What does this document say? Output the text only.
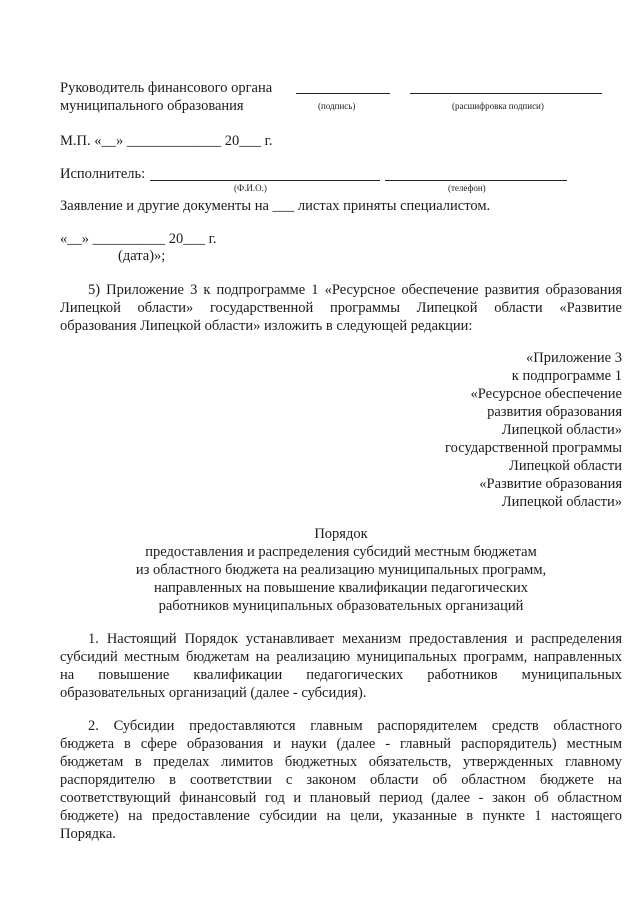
Руководитель финансового органа
муниципального образования	(подпись)	(расшифровка подписи)
М.П. «__» _____________ 20___ г.
Исполнитель:
(Ф.И.О.)	(телефон)
Заявление и другие документы на ___ листах приняты специалистом.
«__» __________ 20___ г.
(дата)»;
5) Приложение 3 к подпрограмме 1 «Ресурсное обеспечение развития образования
Липецкой области» государственной программы Липецкой области «Развитие
образования Липецкой области» изложить в следующей редакции:
«Приложение 3
к подпрограмме 1
«Ресурсное обеспечение
развития образования
Липецкой области»
государственной программы
Липецкой области
«Развитие образования
Липецкой области»
Порядок
предоставления и распределения субсидий местным бюджетам
из областного бюджета на реализацию муниципальных программ,
направленных на повышение квалификации педагогических
работников муниципальных образовательных организаций
1. Настоящий Порядок устанавливает механизм предоставления и распределения
субсидий местным бюджетам на реализацию муниципальных программ, направленных
на повышение квалификации педагогических работников муниципальных
образовательных организаций (далее - субсидия).
2. Субсидии предоставляются главным распорядителем средств областного
бюджета в сфере образования и науки (далее - главный распорядитель) местным
бюджетам в пределах лимитов бюджетных обязательств, утвержденных главному
распорядителю в соответствии с законом области об областном бюджете на
соответствующий финансовый год и плановый период (далее - закон об областном
бюджете) на предоставление субсидии на цели, указанные в пункте 1 настоящего
Порядка.
